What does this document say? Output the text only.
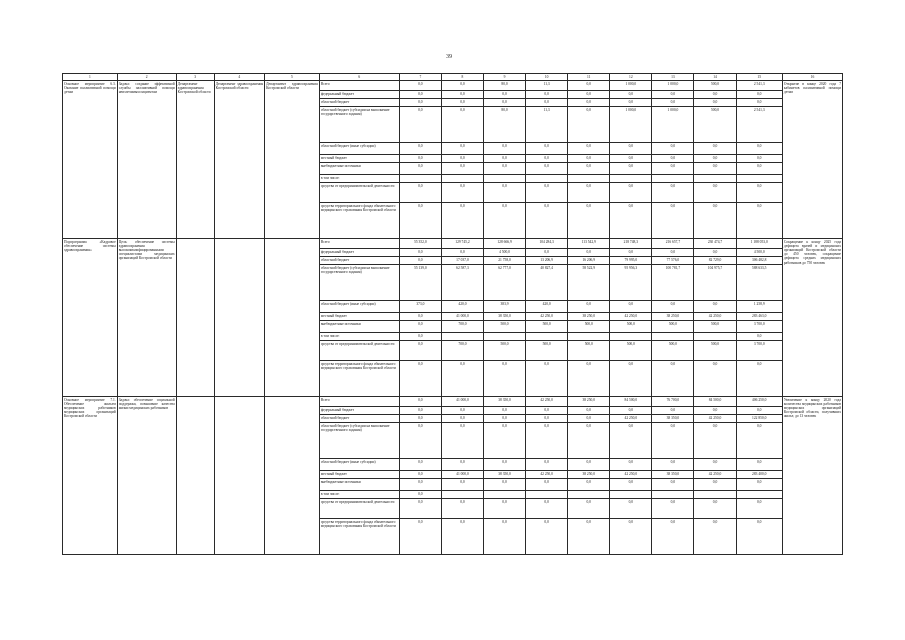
39
1	2	3	4	5	6	7	8	9	10	11	12	13	14	15	16
Основное мероприятие 6.3. Оказание паллиативной помощи детям	Задача: создание эффективной службы паллиативной помощи неизлечимым пациентам	Департамент здравоохранения Костромской области	Департамент здравоохранения Костромской области	Департамент здравоохранения Костромской области	Всего	0,0	0,0	80,0	11,3	0,0	1 000,0	1 000,0	500,0	2 541,3	Открытие в конце 2020 года 7 кабинетов паллиативной помощи детям
					федеральный бюджет	0,0	0,0	0,0	0,0	0,0	0,0	0,0	0,0	0,0	
					областной бюджет	0,0	0,0	0,0	0,0	0,0	0,0	0,0	0,0	0,0	
					областной бюджет (субсидии на выполнение государственного задания)	0,0	0,0	80,0	11,3	0,0	1 000,0	1 000,0	500,0	2 541,3	
					областной бюджет (иные субсидии)	0,0	0,0	0,0	0,0	0,0	0,0	0,0	0,0	0,0	
					местный бюджет	0,0	0,0	0,0	0,0	0,0	0,0	0,0	0,0	0,0	
					внебюджетные источники	0,0	0,0	0,0	0,0	0,0	0,0	0,0	0,0	0,0	
					в том числе:										
					средства от предпринимательской деятельности	0,0	0,0	0,0	0,0	0,0	0,0	0,0	0,0	0,0	
					средства территориального фонда обязательного медицинского страхования Костромской области	0,0	0,0	0,0	0,0	0,0	0,0	0,0	0,0	0,0	
Подпрограмма «Кадровое обеспечение системы здравоохранения»	Цель: обеспечение системы здравоохранения высококвалифицированными специалистами медицинских организаций Костромской области				Всего	55 352,0	129 745,2	128 666,9	104 284,3	113 542,9	218 748,3	216 657,7	230 474,7	1 188 053,0	Сокращение к концу 2025 года дефицита врачей и медицинских организаций Костромской области до 450 человек, сокращение дефицита средних медицинских работников до 750 человек
					федеральный бюджет	0,0	0,0	4 500,0	0,0	0,0	0,0	0,0	0,0	4 500,0	
					областной бюджет	0,0	17 037,0	21 758,0	13 206,9	16 206,9	79 995,0	77 576,0	82 729,0	306 482,8	
					областной бюджет (субсидии на выполнение государственного задания)	55 139,0	62 587,3	62 777,0	40 827,4	58 522,9	95 956,3	100 781,7	104 975,7	588 633,5	
					областной бюджет (иные субсидии)	373,0	420,0	383,9	420,0	0,0	0,0	0,0	0,0	1 258,9	
					местный бюджет	0,0	41 000,0	38 350,0	42 250,0	38 250,0	42 250,0	38 250,0	42 250,0	283 463,0	
					внебюджетные источники	0,0	700,0	500,0	500,0	500,0	500,0	500,0	500,0	3 700,0	
					в том числе:	0,0								0,0	
					средства от предпринимательской деятельности	0,0	700,0	500,0	500,0	500,0	500,0	500,0	500,0	3 700,0	
					средства территориального фонда обязательного медицинского страхования Костромской области	0,0	0,0	0,0	0,0	0,0	0,0	0,0	0,0	0,0	
Основное мероприятие 7.1. Обеспечение жильем медицинских работников медицинских организаций Костромской области	Задача: обеспечение социальной поддержки, повышение качества жизни медицинских работников				Всего	0,0	41 000,0	38 350,0	42 250,0	38 250,0	84 500,0	76 700,0	84 500,0	406 250,0	Увеличение к концу 2020 года количества медицинских работников медицинских организаций Костромской области, получивших жилье, до 13 человек
					федеральный бюджет	0,0	0,0	0,0	0,0	0,0	0,0	0,0	0,0	0,0	
					областной бюджет	0,0	0,0	0,0	0,0	0,0	42 250,0	38 350,0	42 250,0	122 850,0	
					областной бюджет (субсидии на выполнение государственного задания)	0,0	0,0	0,0	0,0	0,0	0,0	0,0	0,0	0,0	
					областной бюджет (иные субсидии)	0,0	0,0	0,0	0,0	0,0	0,0	0,0	0,0	0,0	
					местный бюджет	0,0	41 000,0	38 350,0	42 250,0	38 250,0	42 250,0	38 350,0	42 250,0	283 400,0	
					внебюджетные источники	0,0	0,0	0,0	0,0	0,0	0,0	0,0	0,0	0,0	
					в том числе:	0,0									
					средства от предпринимательской деятельности	0,0	0,0	0,0	0,0	0,0	0,0	0,0	0,0	0,0	
					средства территориального фонда обязательного медицинского страхования Костромской области	0,0	0,0	0,0	0,0	0,0	0,0	0,0	0,0	0,0	
